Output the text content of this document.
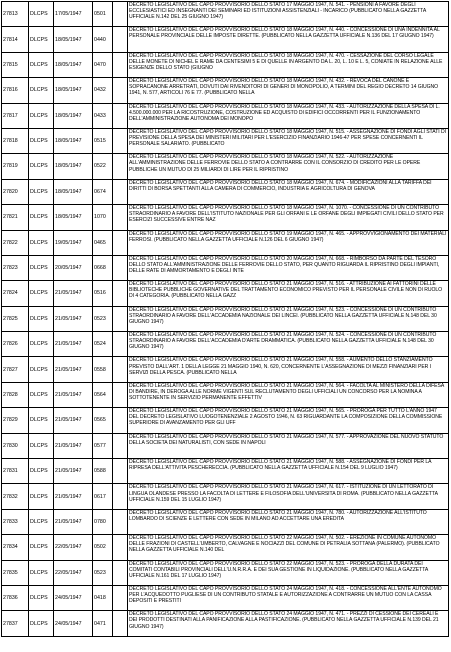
27813	DLCPS	17/05/1947	0501		DECRETO LEGISLATIVO DEL CAPO PROVVISORIO DELLO STATO 17 MAGGIO 1947, N. 541. - PENSIONI A FAVORE DEGLI ECCLESIASTICI ED INSEGNANTI DEI SEMINARI ED ISTITUZIONI ASSISTENZIALI - INCARICO (PUBBLICATO NELLA GAZZETTA UFFICIALE N.142 DEL 25 GIUGNO 1947)
27814	DLCPS	18/05/1947	0440		DECRETO LEGISLATIVO DEL CAPO PROVVISORIO DELLO STATO 18 MAGGIO 1947, N. 440. - CONCESSIONE DI UNA INDENNITA AL PERSONALE PROVINCIALE DELLE IMPOSTE DIRETTE. (PUBBLICATO NELLA GAZZETTA UFFICIALE N.136 DEL 17 GIUGNO 1947)
27815	DLCPS	18/05/1947	0470		DECRETO LEGISLATIVO DEL CAPO PROVVISORIO DELLO STATO 18 MAGGIO 1947, N. 470. - CESSAZIONE DEL CORSO LEGALE DELLE MONETE DI NICHEL E RAME DA CENTESIMI 5 E DI QUELLE IN ARGENTO DA L. 20, L. 10 E L. 5, CONIATE IN RELAZIONE ALLE ESIGENZE DELLO STATO (GIUGNO
27816	DLCPS	18/05/1947	0432		DECRETO LEGISLATIVO DEL CAPO PROVVISORIO DELLO STATO 18 MAGGIO 1947, N. 432. - REVOCA DEL CANONE E SOPRACANONE ARRETRATI, DOVUTI DAI RIVENDITORI DI GENERI DI MONOPOLIO, A TERMINI DEL REGIO DECRETO 14 GIUGNO 1941, N. 577, ARTICOLI 76 E 77. (PUBBLICATO NELLA
27817	DLCPS	18/05/1947	0433		DECRETO LEGISLATIVO DEL CAPO PROVVISORIO DELLO STATO 18 MAGGIO 1947, N. 433. - AUTORIZZAZIONE DELLA SPESA DI L. 4.500.000.000 PER LA RICOSTRUZIONE, COSTRUZIONE ED ACQUISTO DI EDIFICI OCCORRENTI PER IL FUNZIONAMENTO DELL'AMMINISTRAZIONE AUTONOMA DEI MONOPO
27818	DLCPS	18/05/1947	0515		DECRETO LEGISLATIVO DEL CAPO PROVVISORIO DELLO STATO 18 MAGGIO 1947, N. 515. - ASSEGNAZIONE DI FONDI AGLI STATI DI PREVISIONE DELLA SPESA DEI MINISTERI MILITARI PER L'ESERCIZIO FINANZIARIO 1946-47 PER SPESE CONCERNENTI IL PERSONALE SALARIATO. (PUBBLICATO
27819	DLCPS	18/05/1947	0522		DECRETO LEGISLATIVO DEL CAPO PROVVISORIO DELLO STATO 18 MAGGIO 1947, N. 522. - AUTORIZZAZIONE ALL'AMMINISTRAZIONE DELLE FERROVIE DELLO STATO A CONTRARRE CON IL CONSORZIO DI CREDITO PER LE OPERE PUBBLICHE UN MUTUO DI 25 MILIARDI DI LIRE PER IL RIPRISTINO
27820	DLCPS	18/05/1947	0674		DECRETO LEGISLATIVO DEL CAPO PROVVISORIO DELLO STATO 18 MAGGIO 1947, N. 674. - MODIFICAZIONI ALLA TARIFFA DEI DIRITTI DI BORSA SPETTANTI ALLA CAMERA DI COMMERCIO, INDUSTRIA E AGRICOLTURA DI GENOVA
27821	DLCPS	18/05/1947	1070		DECRETO LEGISLATIVO DEL CAPO PROVVISORIO DELLO STATO 18 MAGGIO 1947, N. 1070. - CONCESSIONE DI UN CONTRIBUTO STRAORDINARIO A FAVORE DELL'ISTITUTO NAZIONALE PER GLI ORFANI E LE ORFANE DEGLI IMPIEGATI CIVILI DELLO STATO PER ESERCIZI SUCCESSIVE ENTRE NAZ
27822	DLCPS	19/05/1947	0465		DECRETO LEGISLATIVO DEL CAPO PROVVISORIO DELLO STATO 19 MAGGIO 1947, N. 465. - APPROVVIGIONAMENTO DEI MATERIALI FERROSI. (PUBBLICATO NELLA GAZZETTA UFFICIALE N.126 DEL 6 GIUGNO 1947)
27823	DLCPS	20/05/1947	0668		DECRETO LEGISLATIVO DEL CAPO PROVVISORIO DELLO STATO 20 MAGGIO 1947, N. 668. - RIMBORSO DA PARTE DEL TESORO DELLO STATO ALL'AMMINISTRAZIONE DELLE FERROVIE DELLO STATO, PER QUANTO RIGUARDA IL RIPRISTINO DEGLI IMPIANTI, DELLE RATE DI AMMORTAMENTO E DEGLI INTE
27824	DLCPS	21/05/1947	0516		DECRETO LEGISLATIVO DEL CAPO PROVVISORIO DELLO STATO 21 MAGGIO 1947, N. 516. - ATTRIBUZIONE AI FATTORINI DELLE BIBLIOTECHE PUBBLICHE GOVERNATIVE DEL TRATTAMENTO ECONOMICO PREVISTO PER IL PERSONALE CIVILE NON DI RUOLO DI 4 CATEGORIA. (PUBBLICATO NELLA GAZZ
27825	DLCPS	21/05/1947	0523		DECRETO LEGISLATIVO DEL CAPO PROVVISORIO DELLO STATO 21 MAGGIO 1947, N. 523. - CONCESSIONE DI UN CONTRIBUTO STRAORDINARIO A FAVORE DELL'ACCADEMIA NAZIONALE DEI LINCEI. (PUBBLICATO NELLA GAZZETTA UFFICIALE N.148 DEL 30 GIUGNO 1947)
27826	DLCPS	21/05/1947	0524		DECRETO LEGISLATIVO DEL CAPO PROVVISORIO DELLO STATO 21 MAGGIO 1947, N. 524. - CONCESSIONE DI UN CONTRIBUTO STRAORDINARIO A FAVORE DELL'ACCADEMIA D'ARTE DRAMMATICA. (PUBBLICATO NELLA GAZZETTA UFFICIALE N.148 DEL 30 GIUGNO 1947)
27827	DLCPS	21/05/1947	0558		DECRETO LEGISLATIVO DEL CAPO PROVVISORIO DELLO STATO 21 MAGGIO 1947, N. 558. - AUMENTO DELLO STANZIAMENTO PREVISTO DALL'ART. 1 DELLA LEGGE 21 MAGGIO 1940, N. 620, CONCERNENTE L'ASSEGNAZIONE DI MEZZI FINANZIARI PER I SERVIZI DELLA PESCA. (PUBBLICATO NELLA
27828	DLCPS	21/05/1947	0564		DECRETO LEGISLATIVO DEL CAPO PROVVISORIO DELLO STATO 21 MAGGIO 1947, N. 564. - FACOLTA AL MINISTERO DELLA DIFESA DI BANDIRE, IN DEROGA ALLE NORME VIGENTI SUL RECLUTAMENTO DEGLI UFFICIALI UN CONCORSO PER LA NOMINA A SOTTOTENENTE IN SERVIZIO PERMANENTE EFFETTIV
27829	DLCPS	21/05/1947	0565		DECRETO LEGISLATIVO DEL CAPO PROVVISORIO DELLO STATO 21 MAGGIO 1947, N. 565. - PROROGA PER TUTTO L'ANNO 1947 DEL DECRETO LEGISLATIVO LUOGOTENENZIALE 2 AGOSTO 1946, N. 63 RIGUARDANTE LA COMPOSIZIONE DELLA COMMISSIONE SUPERIORE DI AVANZAMENTO PER GLI UFF
27830	DLCPS	21/05/1947	0577		DECRETO LEGISLATIVO DEL CAPO PROVVISORIO DELLO STATO 21 MAGGIO 1947, N. 577. - APPROVAZIONE DEL NUOVO STATUTO DELLA SOCIETA DEI NATURALISTI, CON SEDE IN NAPOLI
27831	DLCPS	21/05/1947	0588		DECRETO LEGISLATIVO DEL CAPO PROVVISORIO DELLO STATO 21 MAGGIO 1947, N. 588. - ASSEGNAZIONE DI FONDI PER LA RIPRESA DELL'ATTIVITA PESCHERECCIA. (PUBBLICATO NELLA GAZZETTA UFFICIALE N.154 DEL 9 LUGLIO 1947)
27832	DLCPS	21/05/1947	0617		DECRETO LEGISLATIVO DEL CAPO PROVVISORIO DELLO STATO 21 MAGGIO 1947, N. 617. - ISTITUZIONE DI UN LETTORATO DI LINGUA OLANDESE PRESSO LA FACOLTA DI LETTERE E FILOSOFIA DELL'UNIVERSITA DI ROMA. (PUBBLICATO NELLA GAZZETTA UFFICIALE N.159 DEL 15 LUGLIO 1947)
27833	DLCPS	21/05/1947	0780		DECRETO LEGISLATIVO DEL CAPO PROVVISORIO DELLO STATO 21 MAGGIO 1947, N. 780. - AUTORIZZAZIONE ALL'ISTITUTO LOMBARDO DI SCIENZE E LETTERE CON SEDE IN MILANO AD ACCETTARE UNA EREDITA
27834	DLCPS	22/05/1947	0502		DECRETO LEGISLATIVO DEL CAPO PROVVISORIO DELLO STATO 22 MAGGIO 1947, N. 502. - EREZIONE IN COMUNE AUTONOMO DELLE FRAZIONI DI CASTELL'UMBERTO, CALVAGNE E NOCIAZZI DEL COMUNE DI PETRALIA SOTTANA (PALERMO). (PUBBLICATO NELLA GAZZETTA UFFICIALE N.140 DEL
27835	DLCPS	22/05/1947	0523		DECRETO LEGISLATIVO DEL CAPO PROVVISORIO DELLO STATO 22 MAGGIO 1947, N. 523. - PROROGA DELLA DURATA DEI COMITATI CONTABILI PROVINCIALI DELL'U.N.R.R.A. E DEI SUA GESTIONE IN LIQUIDAZIONE. (PUBBLICATO NELLA GAZZETTA UFFICIALE N.161 DEL 17 LUGLIO 1947)
27836	DLCPS	24/05/1947	0418		DECRETO LEGISLATIVO DEL CAPO PROVVISORIO DELLO STATO 24 MAGGIO 1947, N. 418. - CONCESSIONE ALL'ENTE AUTONOMO PER L'ACQUEDOTTO PUGLIESE DI UN CONTRIBUTO STATALE E AUTORIZZAZIONE A CONTRARRE UN MUTUO CON LA CASSA DEPOSITI E PRESTITI
27837	DLCPS	24/05/1947	0471		DECRETO LEGISLATIVO DEL CAPO PROVVISORIO DELLO STATO 24 MAGGIO 1947, N. 471. - PREZZI DI CESSIONE DEI CEREALI E DEI PRODOTTI DESTINATI ALLA PANIFICAZIONE ALLA PASTIFICAZIONE. (PUBBLICATO NELLA GAZZETTA UFFICIALE N.139 DEL 21 GIUGNO 1947)
